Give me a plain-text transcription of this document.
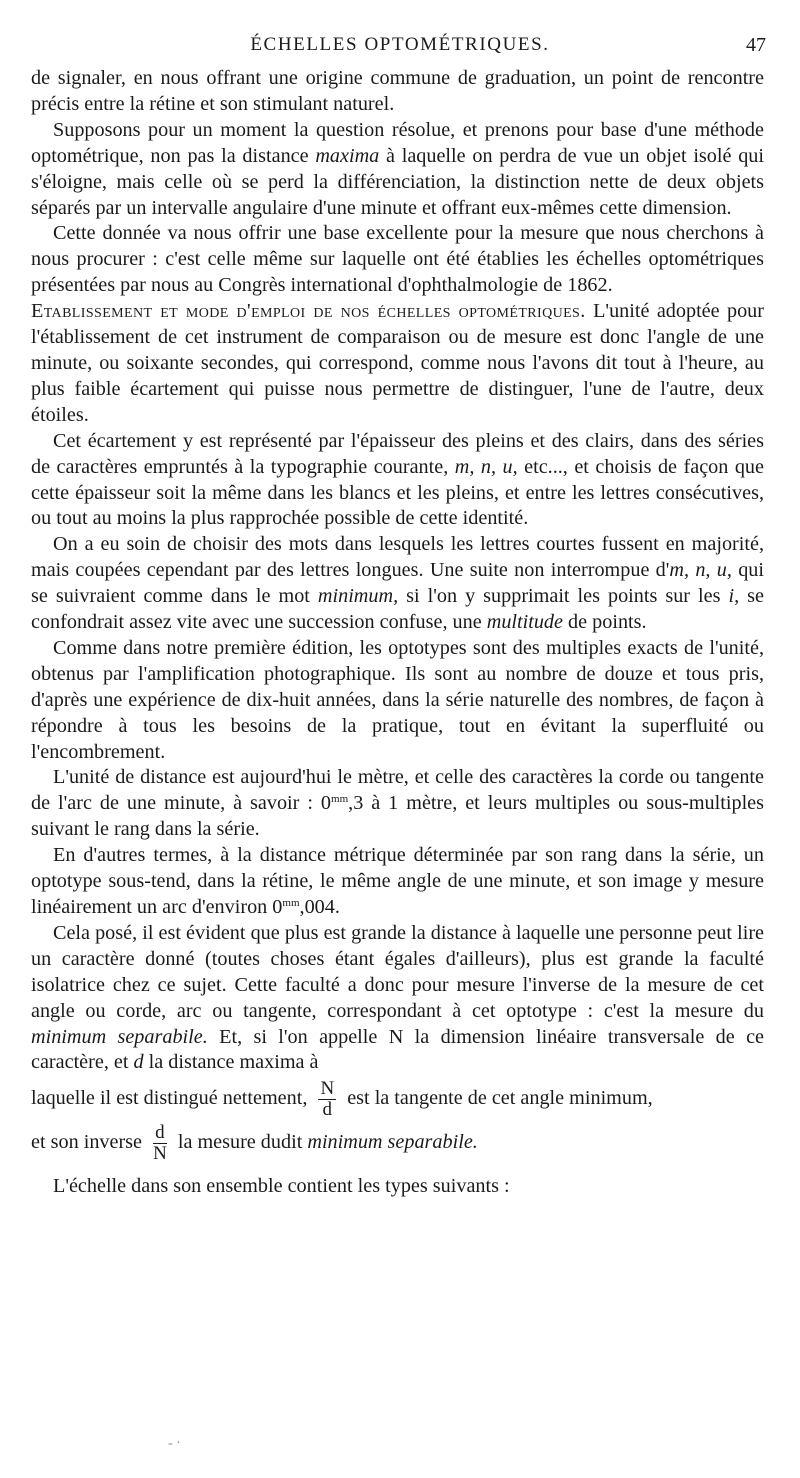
ÉCHELLES OPTOMÉTRIQUES.	47

de signaler, en nous offrant une origine commune de graduation, un point de rencontre précis entre la rétine et son stimulant naturel.

Supposons pour un moment la question résolue, et prenons pour base d'une méthode optométrique, non pas la distance maxima à laquelle on perdra de vue un objet isolé qui s'éloigne, mais celle où se perd la différenciation, la distinction nette de deux objets séparés par un intervalle angulaire d'une minute et offrant eux-mêmes cette dimension.

Cette donnée va nous offrir une base excellente pour la mesure que nous cherchons à nous procurer : c'est celle même sur laquelle ont été établies les échelles optométriques présentées par nous au Congrès international d'ophthalmologie de 1862.

Etablissement et mode d'emploi de nos échelles optométriques. L'unité adoptée pour l'établissement de cet instrument de comparaison ou de mesure est donc l'angle de une minute, ou soixante secondes, qui correspond, comme nous l'avons dit tout à l'heure, au plus faible écartement qui puisse nous permettre de distinguer, l'une de l'autre, deux étoiles.

Cet écartement y est représenté par l'épaisseur des pleins et des clairs, dans des séries de caractères empruntés à la typographie courante, m, n, u, etc..., et choisis de façon que cette épaisseur soit la même dans les blancs et les pleins, et entre les lettres consécutives, ou tout au moins la plus rapprochée possible de cette identité.

On a eu soin de choisir des mots dans lesquels les lettres courtes fussent en majorité, mais coupées cependant par des lettres longues. Une suite non interrompue d'm, n, u, qui se suivraient comme dans le mot minimum, si l'on y supprimait les points sur les i, se confondrait assez vite avec une succession confuse, une multitude de points.

Comme dans notre première édition, les optotypes sont des multiples exacts de l'unité, obtenus par l'amplification photographique. Ils sont au nombre de douze et tous pris, d'après une expérience de dix-huit années, dans la série naturelle des nombres, de façon à répondre à tous les besoins de la pratique, tout en évitant la superfluité ou l'encombrement.

L'unité de distance est aujourd'hui le mètre, et celle des caractères la corde ou tangente de l'arc de une minute, à savoir : $0^{mm},3$ à 1 mètre, et leurs multiples ou sous-multiples suivant le rang dans la série.

En d'autres termes, à la distance métrique déterminée par son rang dans la série, un optotype sous-tend, dans la rétine, le même angle de une minute, et son image y mesure linéairement un arc d'environ $0^{mm},004$.

Cela posé, il est évident que plus est grande la distance à laquelle une personne peut lire un caractère donné (toutes choses étant égales d'ailleurs), plus est grande la faculté isolatrice chez ce sujet. Cette faculté a donc pour mesure l'inverse de la mesure de cet angle ou corde, arc ou tangente, correspondant à cet optotype : c'est la mesure du minimum separabile. Et, si l'on appelle N la dimension linéaire transversale de ce caractère, et d la distance maxima à

laquelle il est distingué nettement, $\frac{N}{d}$ est la tangente de cet angle minimum,

et son inverse $\frac{d}{N}$ la mesure dudit minimum separabile.

L'échelle dans son ensemble contient les types suivants :

- ·
